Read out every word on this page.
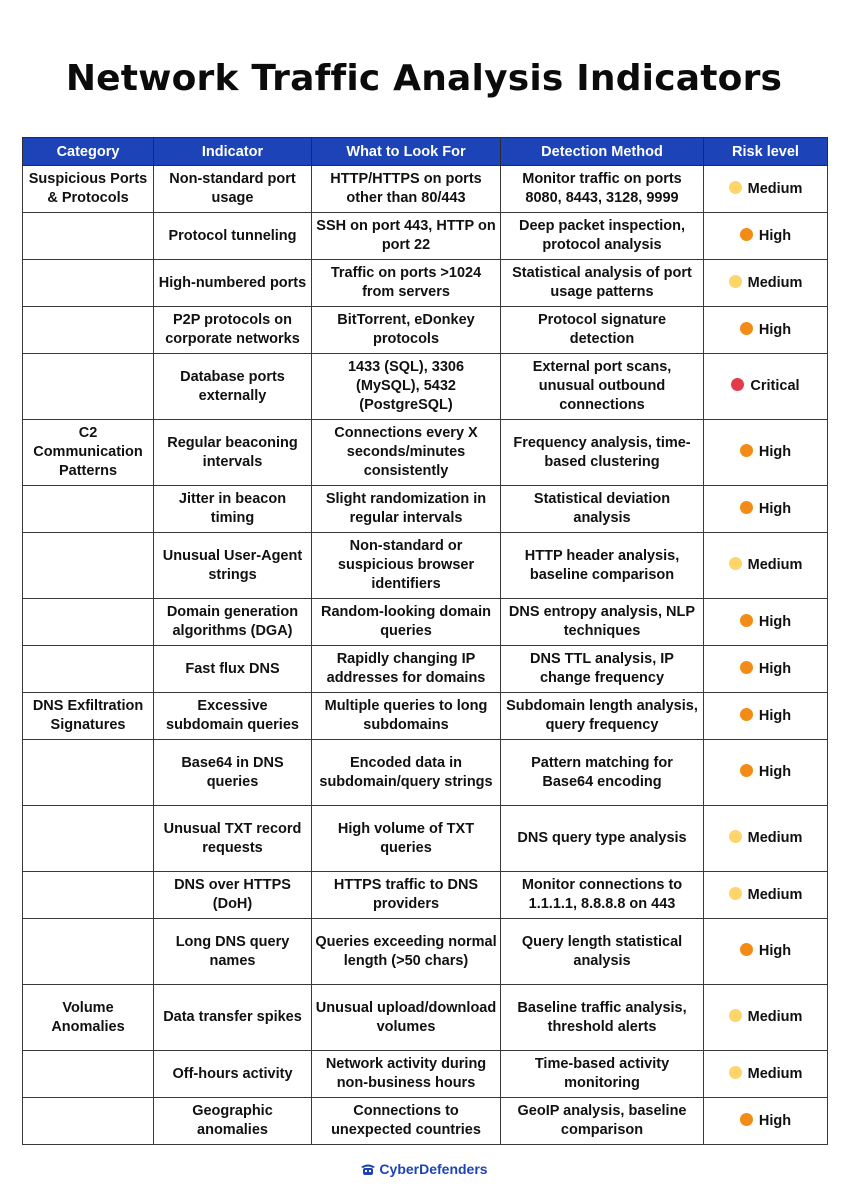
Network Traffic Analysis Indicators
Category	Indicator	What to Look For	Detection Method	Risk level
Suspicious Ports & Protocols	Non-standard port usage	HTTP/HTTPS on ports other than 80/443	Monitor traffic on ports 8080, 8443, 3128, 9999	Medium
	Protocol tunneling	SSH on port 443, HTTP on port 22	Deep packet inspection, protocol analysis	High
	High-numbered ports	Traffic on ports >1024 from servers	Statistical analysis of port usage patterns	Medium
	P2P protocols on corporate networks	BitTorrent, eDonkey protocols	Protocol signature detection	High
	Database ports externally	1433 (SQL), 3306 (MySQL), 5432 (PostgreSQL)	External port scans, unusual outbound connections	Critical
C2 Communication Patterns	Regular beaconing intervals	Connections every X seconds/minutes consistently	Frequency analysis, time-based clustering	High
	Jitter in beacon timing	Slight randomization in regular intervals	Statistical deviation analysis	High
	Unusual User-Agent strings	Non-standard or suspicious browser identifiers	HTTP header analysis, baseline comparison	Medium
	Domain generation algorithms (DGA)	Random-looking domain queries	DNS entropy analysis, NLP techniques	High
	Fast flux DNS	Rapidly changing IP addresses for domains	DNS TTL analysis, IP change frequency	High
DNS Exfiltration Signatures	Excessive subdomain queries	Multiple queries to long subdomains	Subdomain length analysis, query frequency	High
	Base64 in DNS queries	Encoded data in subdomain/query strings	Pattern matching for Base64 encoding	High
	Unusual TXT record requests	High volume of TXT queries	DNS query type analysis	Medium
	DNS over HTTPS (DoH)	HTTPS traffic to DNS providers	Monitor connections to 1.1.1.1, 8.8.8.8 on 443	Medium
	Long DNS query names	Queries exceeding normal length (>50 chars)	Query length statistical analysis	High
Volume Anomalies	Data transfer spikes	Unusual upload/download volumes	Baseline traffic analysis, threshold alerts	Medium
	Off-hours activity	Network activity during non-business hours	Time-based activity monitoring	Medium
	Geographic anomalies	Connections to unexpected countries	GeoIP analysis, baseline comparison	High
CyberDefenders
